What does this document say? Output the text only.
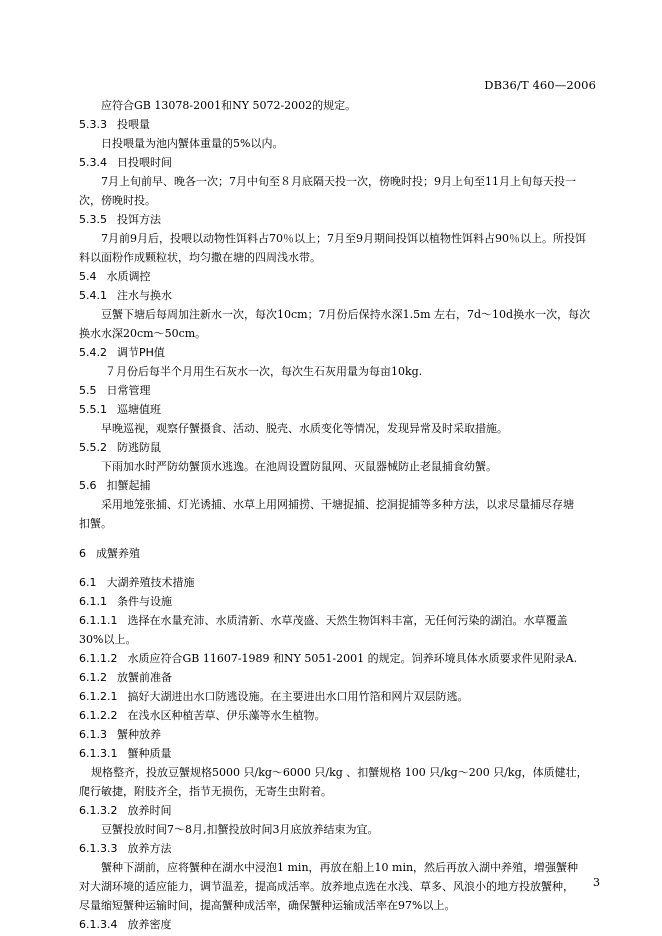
DB36/T 460—2006
应符合GB 13078-2001和NY 5072-2002的规定。
5.3.3 投喂量
日投喂量为池内蟹体重量的5%以内。
5.3.4 日投喂时间
7月上旬前早、晚各一次；7月中旬至８月底隔天投一次，傍晚时投；9月上旬至11月上旬每天投一
次，傍晚时投。
5.3.5 投饵方法
7月前9月后，投喂以动物性饵料占70％以上；7月至9月期间投饵以植物性饵料占90％以上。所投饵
料以面粉作成颗粒状，均匀撒在塘的四周浅水带。
5.4 水质调控
5.4.1 注水与换水
豆蟹下塘后每周加注新水一次，每次10cm；7月份后保持水深1.5m 左右，7d～10d换水一次，每次
换水水深20cm～50cm。
5.4.2 调节PH值
７月份后每半个月用生石灰水一次，每次生石灰用量为每亩10kg.
5.5 日常管理
5.5.1 巡塘值班
早晚巡视，观察仔蟹摄食、活动、脱壳、水质变化等情况，发现异常及时采取措施。
5.5.2 防逃防鼠
下雨加水时严防幼蟹顶水逃逸。在池周设置防鼠网、灭鼠器械防止老鼠捕食幼蟹。
5.6 扣蟹起捕
采用地笼张捕、灯光诱捕、水草上用网捕捞、干塘捉捕、挖洞捉捕等多种方法，以求尽量捕尽存塘
扣蟹。
6 成蟹养殖
6.1 大湖养殖技术措施
6.1.1 条件与设施
6.1.1.1 选择在水量充沛、水质清新、水草茂盛、天然生物饵料丰富，无任何污染的湖泊。水草覆盖
30%以上。
6.1.1.2 水质应符合GB 11607-1989 和NY 5051-2001 的规定。饲养环境具体水质要求件见附录A.
6.1.2 放蟹前准备
6.1.2.1 搞好大湖进出水口防逃设施。在主要进出水口用竹箔和网片双层防逃。
6.1.2.2 在浅水区种植苦草、伊乐藻等水生植物。
6.1.3 蟹种放养
6.1.3.1 蟹种质量
规格整齐，投放豆蟹规格5000 只/kg～6000 只/kg 、扣蟹规格 100 只/kg～200 只/kg，体质健壮，
爬行敏捷，附肢齐全，指节无损伤，无寄生虫附着。
6.1.3.2 放养时间
豆蟹投放时间7～8月,扣蟹投放时间3月底放养结束为宜。
6.1.3.3 放养方法
蟹种下湖前，应将蟹种在湖水中浸泡1 min，再放在船上10 min，然后再放入湖中养殖，增强蟹种
对大湖环境的适应能力，调节温差，提高成活率。放养地点选在水浅、草多、风浪小的地方投放蟹种，
尽量缩短蟹种运输时间，提高蟹种成活率，确保蟹种运输成活率在97%以上。
6.1.3.4 放养密度
3
